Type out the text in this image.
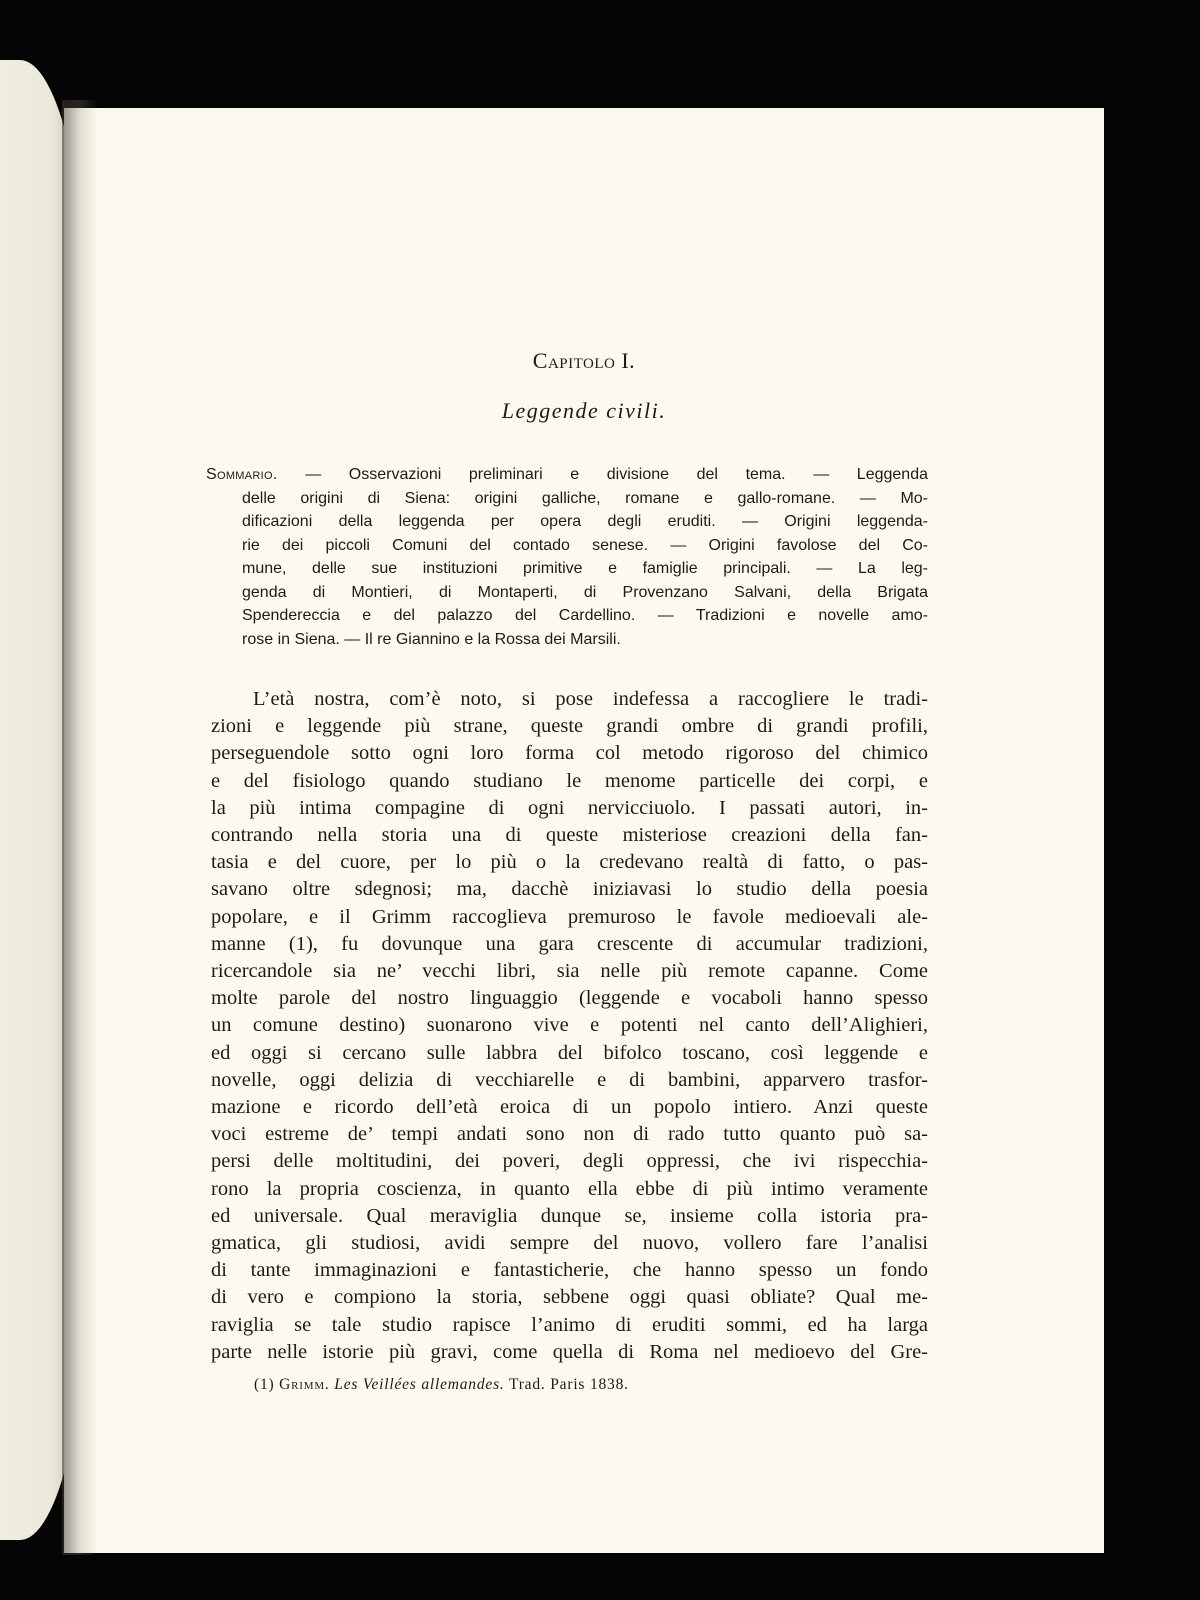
Capitolo I.
Leggende civili.
Sommario. — Osservazioni preliminari e divisione del tema. — Leggenda
delle origini di Siena: origini galliche, romane e gallo-romane. — Mo-
dificazioni della leggenda per opera degli eruditi. — Origini leggenda-
rie dei piccoli Comuni del contado senese. — Origini favolose del Co-
mune, delle sue instituzioni primitive e famiglie principali. — La leg-
genda di Montieri, di Montaperti, di Provenzano Salvani, della Brigata
Spendereccia e del palazzo del Cardellino. — Tradizioni e novelle amo-
rose in Siena. — Il re Giannino e la Rossa dei Marsili.
L’età nostra, com’è noto, si pose indefessa a raccogliere le tradi-
zioni e leggende più strane, queste grandi ombre di grandi profili,
perseguendole sotto ogni loro forma col metodo rigoroso del chimico
e del fisiologo quando studiano le menome particelle dei corpi, e
la più intima compagine di ogni nervicciuolo. I passati autori, in-
contrando nella storia una di queste misteriose creazioni della fan-
tasia e del cuore, per lo più o la credevano realtà di fatto, o pas-
savano oltre sdegnosi; ma, dacchè iniziavasi lo studio della poesia
popolare, e il Grimm raccoglieva premuroso le favole medioevali ale-
manne (1), fu dovunque una gara crescente di accumular tradizioni,
ricercandole sia ne’ vecchi libri, sia nelle più remote capanne. Come
molte parole del nostro linguaggio (leggende e vocaboli hanno spesso
un comune destino) suonarono vive e potenti nel canto dell’Alighieri,
ed oggi si cercano sulle labbra del bifolco toscano, così leggende e
novelle, oggi delizia di vecchiarelle e di bambini, apparvero trasfor-
mazione e ricordo dell’età eroica di un popolo intiero. Anzi queste
voci estreme de’ tempi andati sono non di rado tutto quanto può sa-
persi delle moltitudini, dei poveri, degli oppressi, che ivi rispecchia-
rono la propria coscienza, in quanto ella ebbe di più intimo veramente
ed universale. Qual meraviglia dunque se, insieme colla istoria pra-
gmatica, gli studiosi, avidi sempre del nuovo, vollero fare l’analisi
di tante immaginazioni e fantasticherie, che hanno spesso un fondo
di vero e compiono la storia, sebbene oggi quasi obliate? Qual me-
raviglia se tale studio rapisce l’animo di eruditi sommi, ed ha larga
parte nelle istorie più gravi, come quella di Roma nel medioevo del Gre-
(1) Grimm. Les Veillées allemandes. Trad. Paris 1838.
